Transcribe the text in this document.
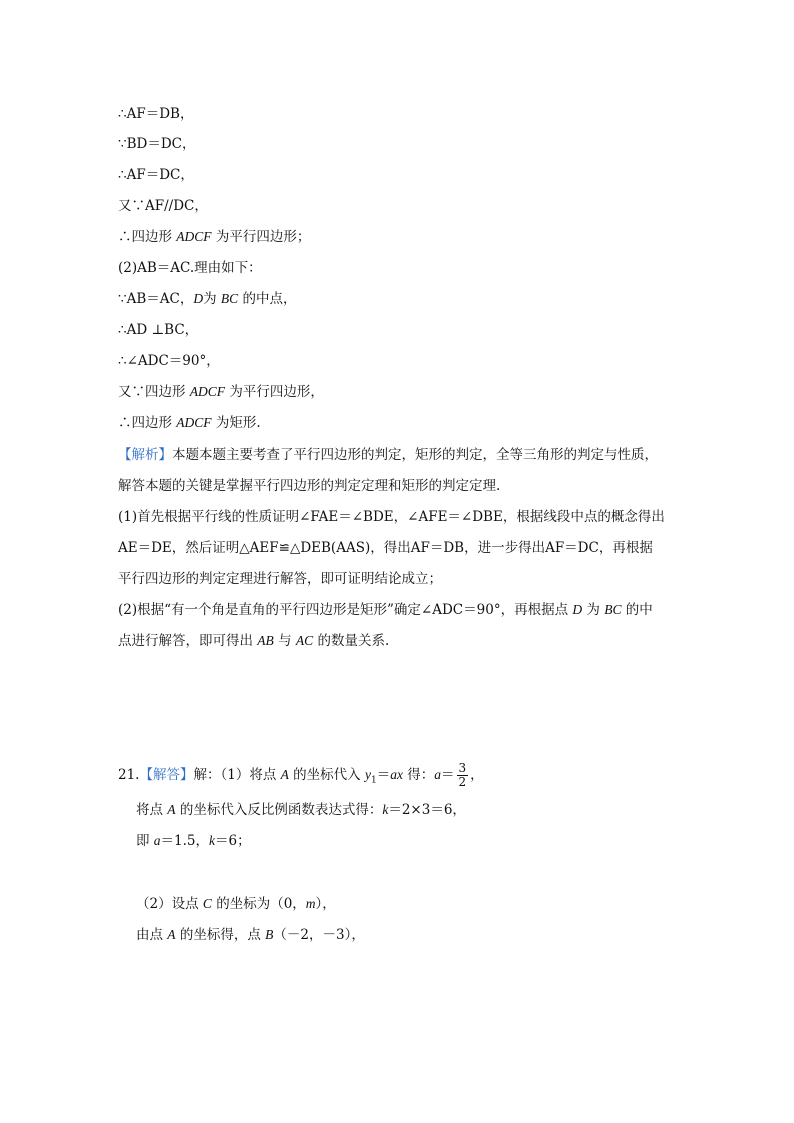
∴AF＝DB，
∵BD＝DC，
∴AF＝DC，
又∵AF//DC，
∴四边形 ADCF 为平行四边形；
(2)AB＝AC.理由如下：
∵AB＝AC，D为 BC 的中点，
∴AD ⊥BC，
∴∠ADC＝90°，
又∵四边形 ADCF 为平行四边形，
∴四边形 ADCF 为矩形.
【解析】本题本题主要考查了平行四边形的判定，矩形的判定，全等三角形的判定与性质，
解答本题的关键是掌握平行四边形的判定定理和矩形的判定定理.
(1)首先根据平行线的性质证明∠FAE＝∠BDE，∠AFE＝∠DBE，根据线段中点的概念得出
AE＝DE，然后证明△AEF≌△DEB(AAS)，得出AF＝DB，进一步得出AF＝DC，再根据
平行四边形的判定定理进行解答，即可证明结论成立；
(2)根据“有一个角是直角的平行四边形是矩形”确定∠ADC＝90°，再根据点 D 为 BC 的中
点进行解答，即可得出 AB 与 AC 的数量关系.
21.【解答】解：（1）将点 A 的坐标代入 $y_1=ax$ 得：$a= \frac{3}{2}$ ，
将点 A 的坐标代入反比例函数表达式得：k＝2×3＝6，
即 a＝1.5，k＝6；
（2）设点 C 的坐标为（0，m），
由点 A 的坐标得，点 B（－2，－3），
